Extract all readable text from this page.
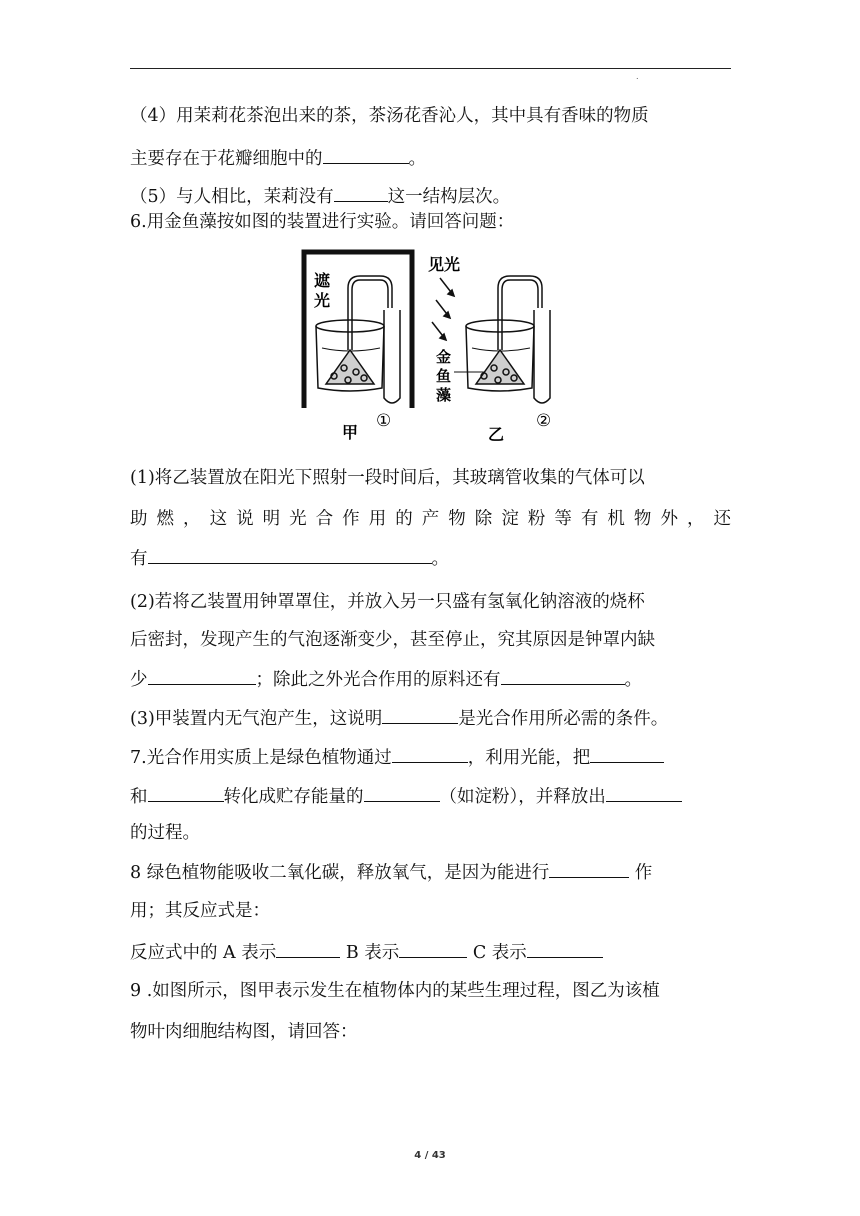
.
（4）用茉莉花茶泡出来的茶，茶汤花香沁人，其中具有香味的物质
主要存在于花瓣细胞中的	。
（5）与人相比，茉莉没有	这一结构层次。
6.用金鱼藻按如图的装置进行实验。请回答问题：
遮
光
①
甲
见光
金
鱼
藻
②
乙
(1)将乙装置放在阳光下照射一段时间后，其玻璃管收集的气体可以
助燃，这说明光合作用的产物除淀粉等有机物外，还
有	。
(2)若将乙装置用钟罩罩住，并放入另一只盛有氢氧化钠溶液的烧杯
后密封，发现产生的气泡逐渐变少，甚至停止，究其原因是钟罩内缺
少	；除此之外光合作用的原料还有	。
(3)甲装置内无气泡产生，这说明	是光合作用所必需的条件。
7.光合作用实质上是绿色植物通过	，利用光能，把
和	转化成贮存能量的	（如淀粉），并释放出
的过程。
8 绿色植物能吸收二氧化碳，释放氧气，是因为能进行	作
用；其反应式是：
反应式中的 A 表示	B 表示	C 表示
9 .如图所示，图甲表示发生在植物体内的某些生理过程，图乙为该植
物叶肉细胞结构图，请回答：
4 / 43
